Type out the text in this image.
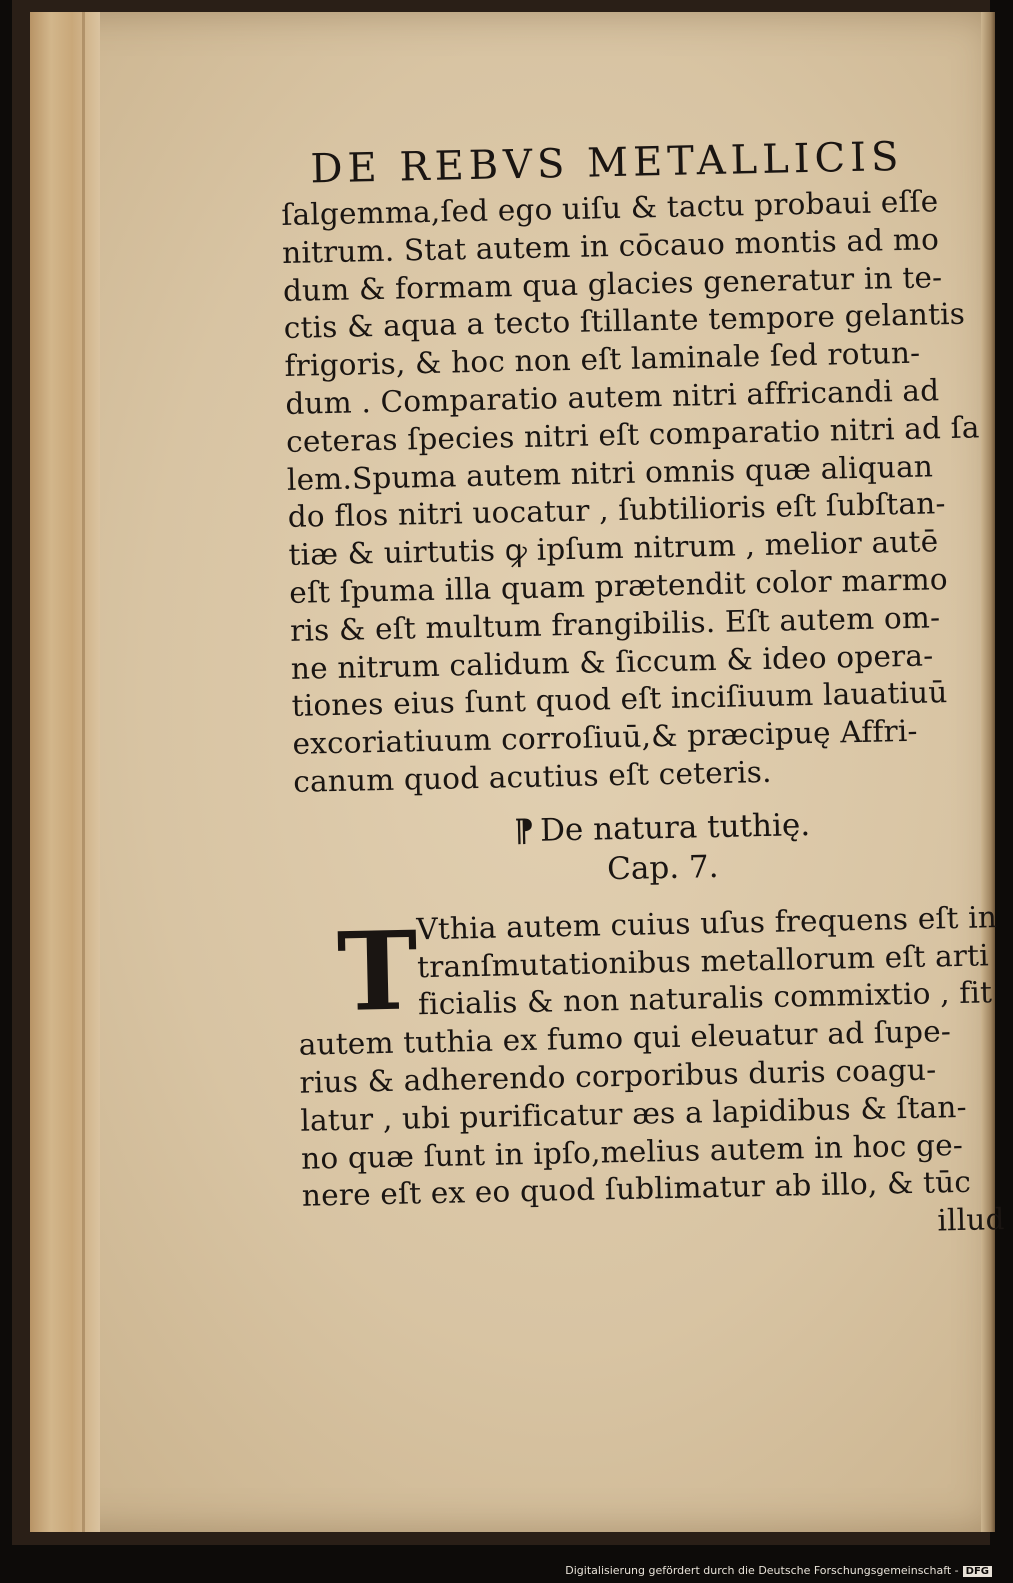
DE REBVS METALLICIS
ſalgemma,ſed ego uiſu & tactu probaui eſſe
nitrum. Stat autem in cōcauo montis ad mo
dum & formam qua glacies generatur in te-
ctis & aqua a tecto ſtillante tempore gelantis
frigoris, & hoc non eſt laminale ſed rotun-
dum . Comparatio autem nitri affricandi ad
ceteras ſpecies nitri eſt comparatio nitri ad ſa
lem.Spuma autem nitri omnis quæ aliquan
do flos nitri uocatur , ſubtilioris eſt ſubſtan-
tiæ & uirtutis ꝙ ipſum nitrum , melior autē
eſt ſpuma illa quam prætendit color marmo
ris & eſt multum frangibilis. Eſt autem om-
ne nitrum calidum & ſiccum & ideo opera-
tiones eius ſunt quod eſt inciſiuum lauatiuū
excoriatiuum corroſiuū,& præcipuę Affri-
canum quod acutius eſt ceteris.
¶ De natura tuthię.
Cap. 7.
T
Vthia autem cuius uſus frequens eſt in
tranſmutationibus metallorum eſt arti
ficialis & non naturalis commixtio , fit
autem tuthia ex fumo qui eleuatur ad ſupe-
rius & adherendo corporibus duris coagu-
latur , ubi purificatur æs a lapidibus & ſtan-
no quæ ſunt in ipſo,melius autem in hoc ge-
nere eſt ex eo quod ſublimatur ab illo, & tūc
illud
Digitalisierung gefördert durch die Deutsche Forschungsgemeinschaft - DFG
